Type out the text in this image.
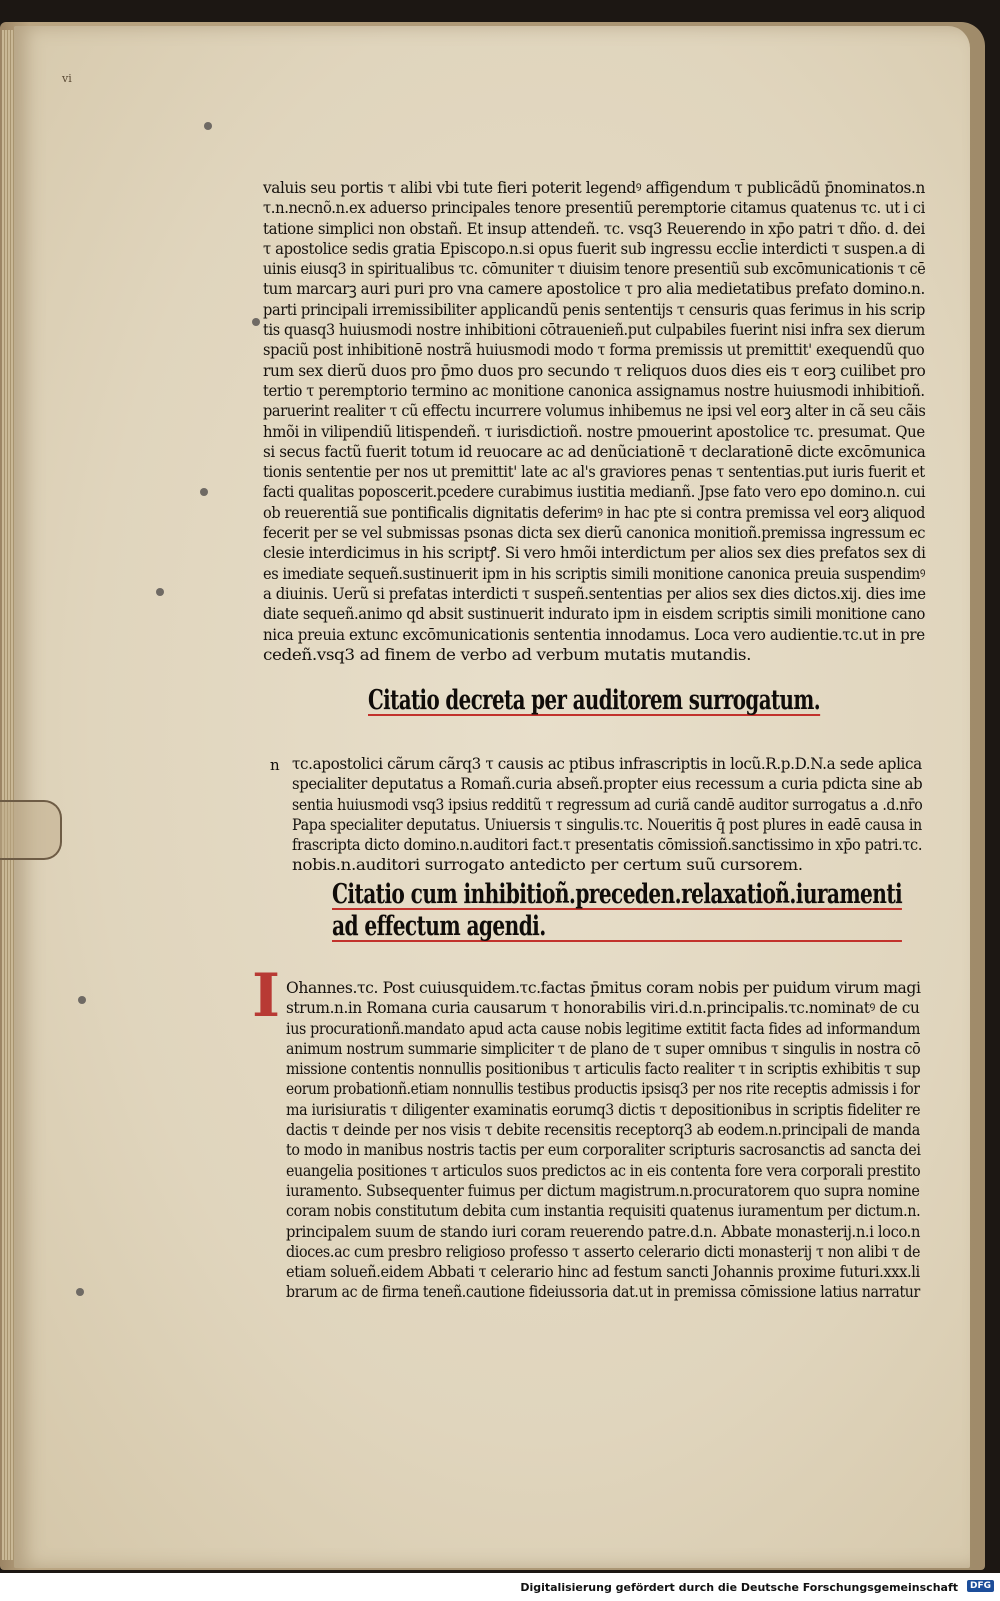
vi
valuis seu portis τ alibi vbi tute fieri poterit legendꝰ affigendum τ publicãdũ p̄nominatos.n
τ.n.necnõ.n.ex aduerso principales tenore presentiũ peremptorie citamus quatenus τc. ut i ci
tatione simplici non obstañ. Et insup attendeñ. τc. vsq3 Reuerendo in xp̄o patri τ dño. d. dei
τ apostolice sedis gratia Episcopo.n.si opus fuerit sub ingressu eccl̄ie interdicti τ suspen.a di
uinis eiusq3 in spiritualibus τc. cōmuniter τ diuisim tenore presentiũ sub excōmunicationis τ cē
tum marcarꝫ auri puri pro vna camere apostolice τ pro alia medietatibus prefato domino.n.
parti principali irremissibiliter applicandũ penis sententijs τ censuris quas ferimus in his scrip
tis quasq3 huiusmodi nostre inhibitioni cōtrauenieñ.put culpabiles fuerint nisi infra sex dierum
spaciũ post inhibitionē nostrã huiusmodi modo τ forma premissis ut premittit' exequendũ quo
rum sex dierũ duos pro p̄mo duos pro secundo τ reliquos duos dies eis τ eorꝫ cuilibet pro
tertio τ peremptorio termino ac monitione canonica assignamus nostre huiusmodi inhibitioñ.
paruerint realiter τ cũ effectu incurrere volumus inhibemus ne ipsi vel eorꝫ alter in cã seu cãis
hmõi in vilipendiũ litispendeñ. τ iurisdictioñ. nostre pmouerint apostolice τc. presumat. Que
si secus factũ fuerit totum id reuocare ac ad denũciationē τ declarationē dicte excōmunica
tionis sententie per nos ut premittit' late ac al's graviores penas τ sententias.put iuris fuerit et
facti qualitas poposcerit.pcedere curabimus iustitia medianñ. Jpse fato vero epo domino.n. cui
ob reuerentiã sue pontificalis dignitatis deferimꝰ in hac pte si contra premissa vel eorꝫ aliquod
fecerit per se vel submissas psonas dicta sex dierũ canonica monitioñ.premissa ingressum ec
clesie interdicimus in his scriptꝭ. Si vero hmõi interdictum per alios sex dies prefatos sex di
es imediate sequeñ.sustinuerit ipm in his scriptis simili monitione canonica preuia suspendimꝰ
a diuinis. Uerũ si prefatas interdicti τ suspeñ.sententias per alios sex dies dictos.xij. dies ime
diate sequeñ.animo qd absit sustinuerit indurato ipm in eisdem scriptis simili monitione cano
nica preuia extunc excōmunicationis sententia innodamus. Loca vero audientie.τc.ut in pre
cedeñ.vsq3 ad finem de verbo ad verbum mutatis mutandis.
Citatio decreta per auditorem surrogatum.
n τc.apostolici cãrum cãrq3 τ causis ac ptibus infrascriptis in locũ.R.p.D.N.a sede aplica
specialiter deputatus a Romañ.curia abseñ.propter eius recessum a curia pdicta sine ab
sentia huiusmodi vsq3 ipsius redditũ τ regressum ad curiã candē auditor surrogatus a .d.nr̄o
Papa specialiter deputatus. Uniuersis τ singulis.τc. Noueritis q̄ post plures in eadē causa in
frascripta dicto domino.n.auditori fact.τ presentatis cōmissioñ.sanctissimo in xp̄o patri.τc.
nobis.n.auditori surrogato antedicto per certum suũ cursorem.
Citatio cum inhibitioñ.preceden.relaxatioñ.iuramenti
ad effectum agendi.
I Ohannes.τc. Post cuiusquidem.τc.factas p̄mitus coram nobis per puidum virum magi
strum.n.in Romana curia causarum τ honorabilis viri.d.n.principalis.τc.nominatꝰ de cu
ius procurationñ.mandato apud acta cause nobis legitime extitit facta fides ad informandum
animum nostrum summarie simpliciter τ de plano de τ super omnibus τ singulis in nostra cō
missione contentis nonnullis positionibus τ articulis facto realiter τ in scriptis exhibitis τ sup
eorum probationñ.etiam nonnullis testibus productis ipsisq3 per nos rite receptis admissis i for
ma iurisiuratis τ diligenter examinatis eorumq3 dictis τ depositionibus in scriptis fideliter re
dactis τ deinde per nos visis τ debite recensitis receptorq3 ab eodem.n.principali de manda
to modo in manibus nostris tactis per eum corporaliter scripturis sacrosanctis ad sancta dei
euangelia positiones τ articulos suos predictos ac in eis contenta fore vera corporali prestito
iuramento. Subsequenter fuimus per dictum magistrum.n.procuratorem quo supra nomine
coram nobis constitutum debita cum instantia requisiti quatenus iuramentum per dictum.n.
principalem suum de stando iuri coram reuerendo patre.d.n. Abbate monasterij.n.i loco.n
dioces.ac cum presbro religioso professo τ asserto celerario dicti monasterij τ non alibi τ de
etiam solueñ.eidem Abbati τ celerario hinc ad festum sancti Johannis proxime futuri.xxx.li
brarum ac de firma teneñ.cautione fideiussoria dat.ut in premissa cōmissione latius narratur
Digitalisierung gefördert durch die Deutsche Forschungsgemeinschaft	DFG
